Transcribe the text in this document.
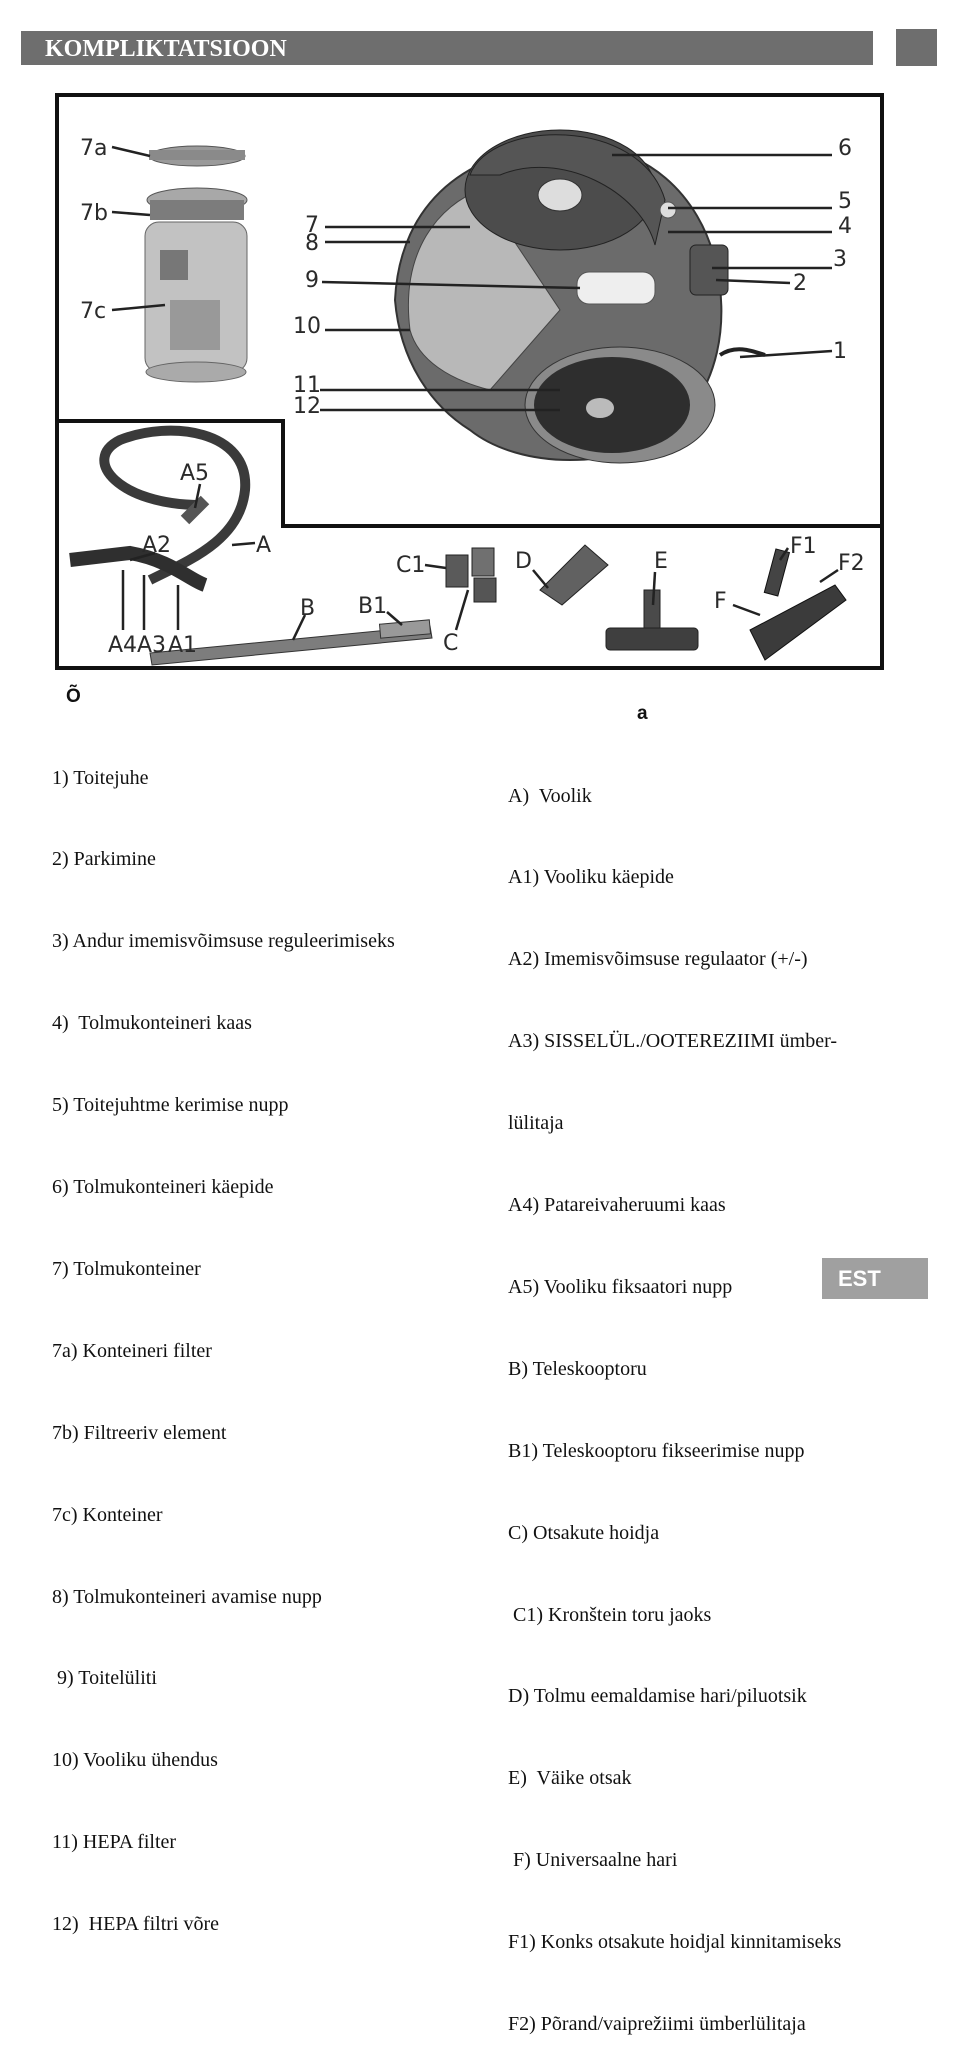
KOMPLIKTATSIOON
7a
7b
7c
7
8
9
10
11
12
6
5
4
3
2
1
A5
A2	A
A4 A3 A1
B B1
C1
C
D	E
F
F1
F2
Õ

1) Toitejuhe

2) Parkimine

3) Andur imemisvõimsuse reguleerimiseks

4)  Tolmukonteineri kaas

5) Toitejuhtme kerimise nupp

6) Tolmukonteineri käepide

7) Tolmukonteiner

7a) Konteineri filter

7b) Filtreeriv element

7c) Konteiner

8) Tolmukonteineri avamise nupp

9) Toitelüliti

10) Vooliku ühendus

11) HEPA filter

12)  HEPA filtri võre

a

A)  Voolik

A1) Vooliku käepide

A2) Imemisvõimsuse regulaator (+/-)

A3) SISSELÜL./OOTEREZIIMI ümber-

lülitaja

A4) Patareivaheruumi kaas

A5) Vooliku fiksaatori nupp

B) Teleskooptoru

B1) Teleskooptoru fikseerimise nupp

C) Otsakute hoidja

C1) Kronštein toru jaoks

D) Tolmu eemaldamise hari/piluotsik

E)  Väike otsak

F) Universaalne hari

F1) Konks otsakute hoidjal kinnitamiseks

F2) Põrand/vaiprežiimi ümberlülitaja

EST
